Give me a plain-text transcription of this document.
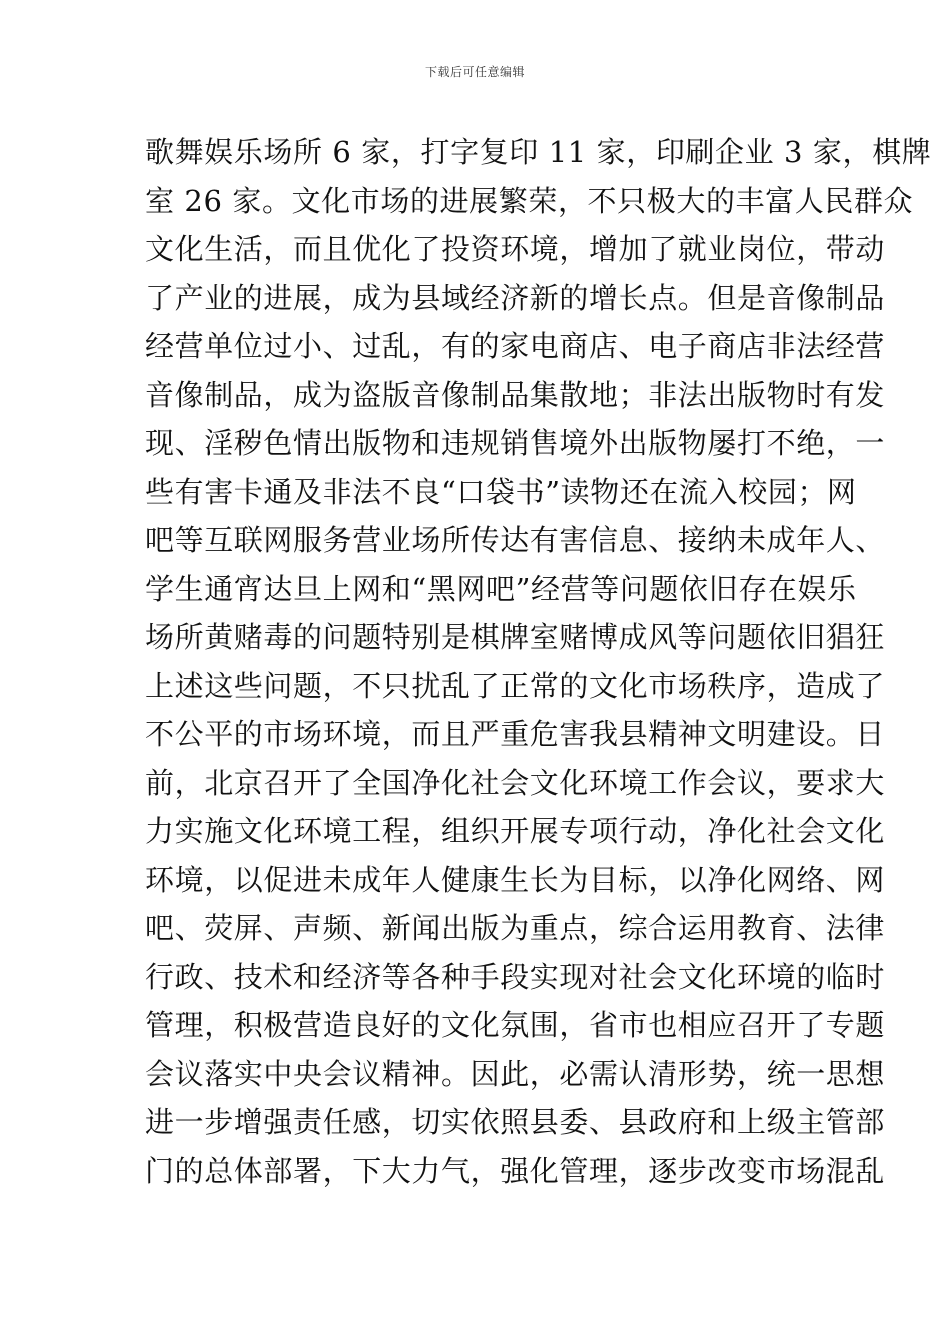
下载后可任意编辑
歌舞娱乐场所 6 家，打字复印 11 家，印刷企业 3 家，棋牌
室 26 家。文化市场的进展繁荣，不只极大的丰富人民群众
文化生活，而且优化了投资环境，增加了就业岗位，带动
了产业的进展，成为县域经济新的增长点。但是音像制品
经营单位过小、过乱，有的家电商店、电子商店非法经营
音像制品，成为盗版音像制品集散地；非法出版物时有发
现、淫秽色情出版物和违规销售境外出版物屡打不绝，一
些有害卡通及非法不良“口袋书”读物还在流入校园；网
吧等互联网服务营业场所传达有害信息、接纳未成年人、
学生通宵达旦上网和“黑网吧”经营等问题依旧存在娱乐
场所黄赌毒的问题特别是棋牌室赌博成风等问题依旧猖狂
上述这些问题，不只扰乱了正常的文化市场秩序，造成了
不公平的市场环境，而且严重危害我县精神文明建设。日
前，北京召开了全国净化社会文化环境工作会议，要求大
力实施文化环境工程，组织开展专项行动，净化社会文化
环境，以促进未成年人健康生长为目标，以净化网络、网
吧、荧屏、声频、新闻出版为重点，综合运用教育、法律
行政、技术和经济等各种手段实现对社会文化环境的临时
管理，积极营造良好的文化氛围，省市也相应召开了专题
会议落实中央会议精神。因此，必需认清形势，统一思想
进一步增强责任感，切实依照县委、县政府和上级主管部
门的总体部署，下大力气，强化管理，逐步改变市场混乱
